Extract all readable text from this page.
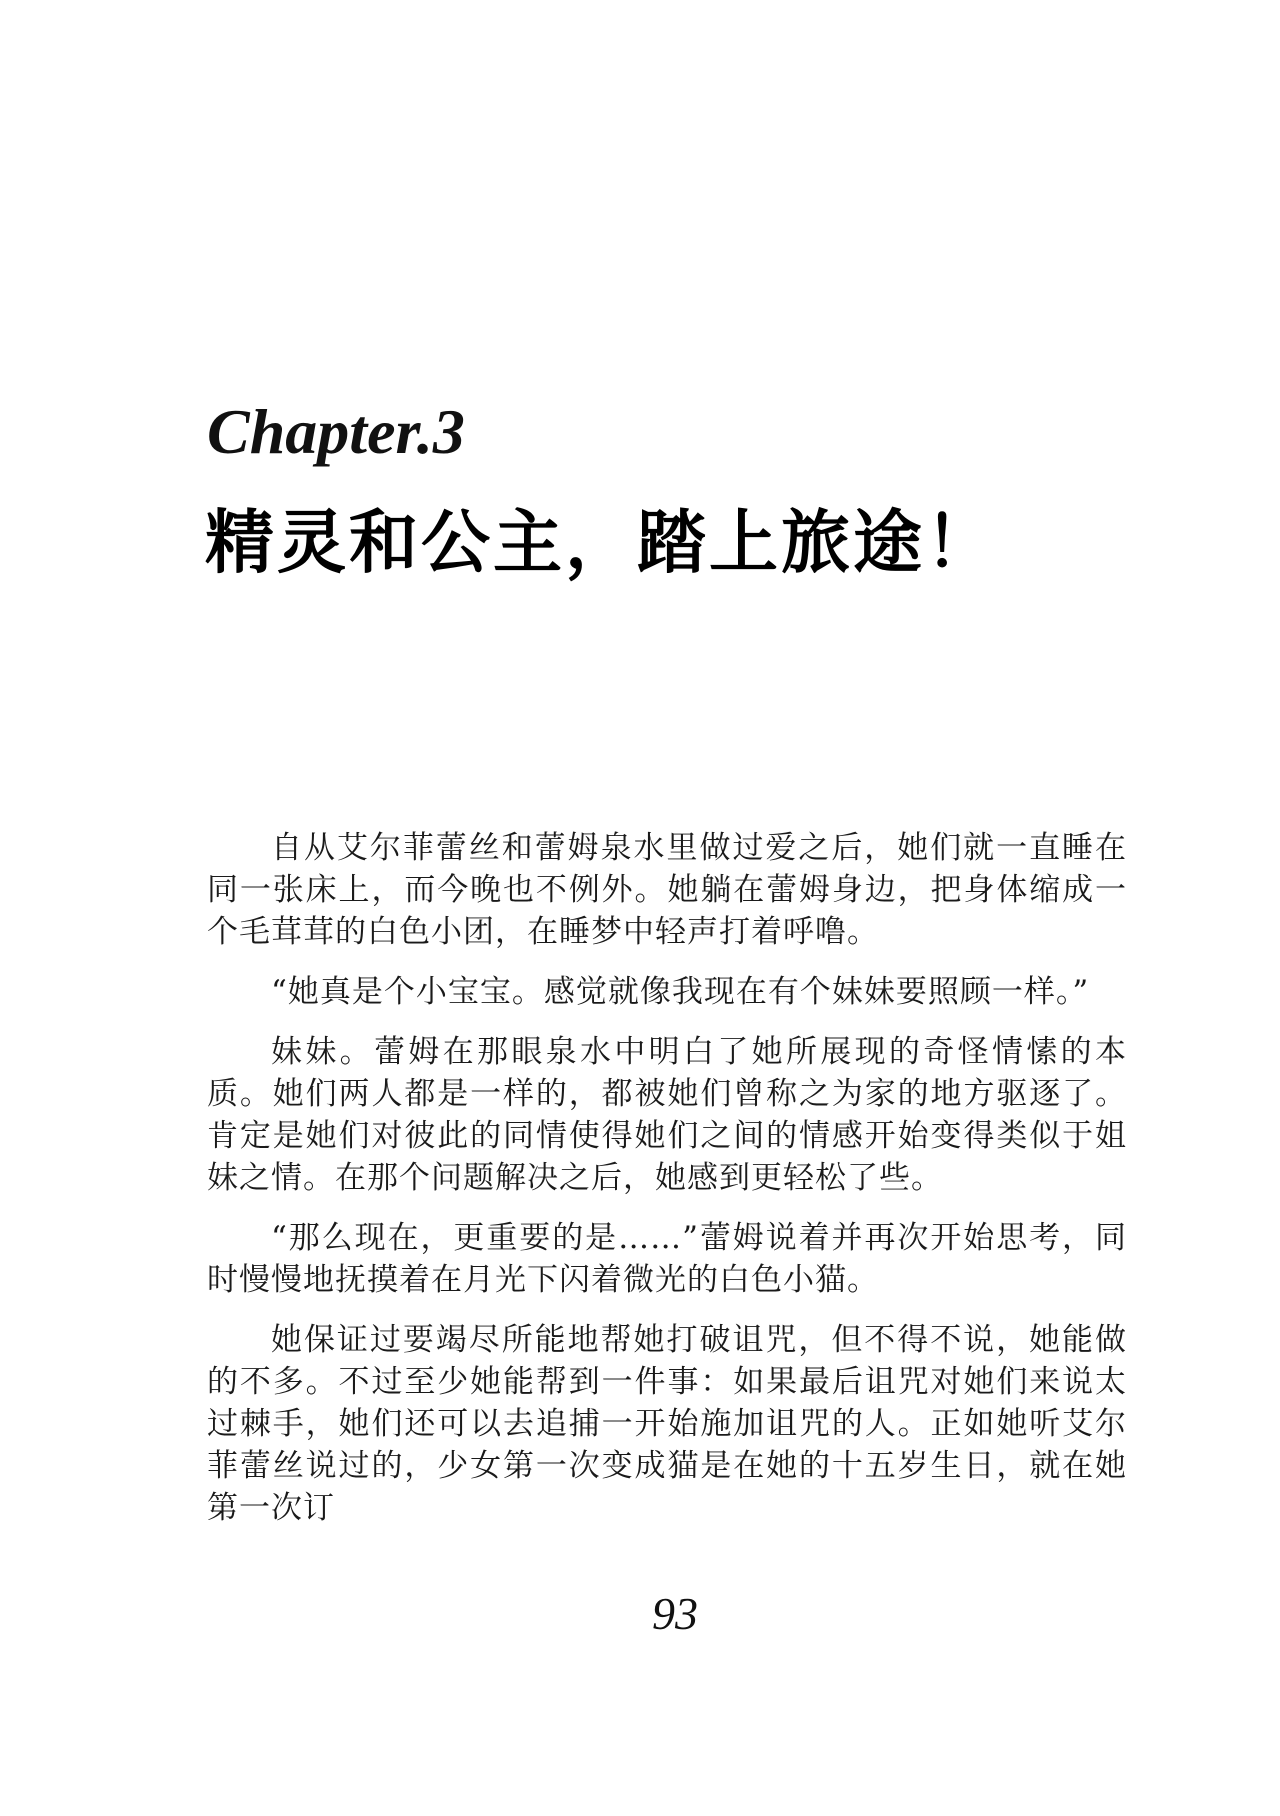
Chapter.3
精灵和公主，踏上旅途！

自从艾尔菲蕾丝和蕾姆泉水里做过爱之后，她们就一直睡在同一张床上，而今晚也不例外。她躺在蕾姆身边，把身体缩成一个毛茸茸的白色小团，在睡梦中轻声打着呼噜。

“她真是个小宝宝。感觉就像我现在有个妹妹要照顾一样。”

妹妹。蕾姆在那眼泉水中明白了她所展现的奇怪情愫的本质。她们两人都是一样的，都被她们曾称之为家的地方驱逐了。肯定是她们对彼此的同情使得她们之间的情感开始变得类似于姐妹之情。在那个问题解决之后，她感到更轻松了些。

“那么现在，更重要的是……”蕾姆说着并再次开始思考，同时慢慢地抚摸着在月光下闪着微光的白色小猫。

她保证过要竭尽所能地帮她打破诅咒，但不得不说，她能做的不多。不过至少她能帮到一件事：如果最后诅咒对她们来说太过棘手，她们还可以去追捕一开始施加诅咒的人。正如她听艾尔菲蕾丝说过的，少女第一次变成猫是在她的十五岁生日，就在她第一次订

93
